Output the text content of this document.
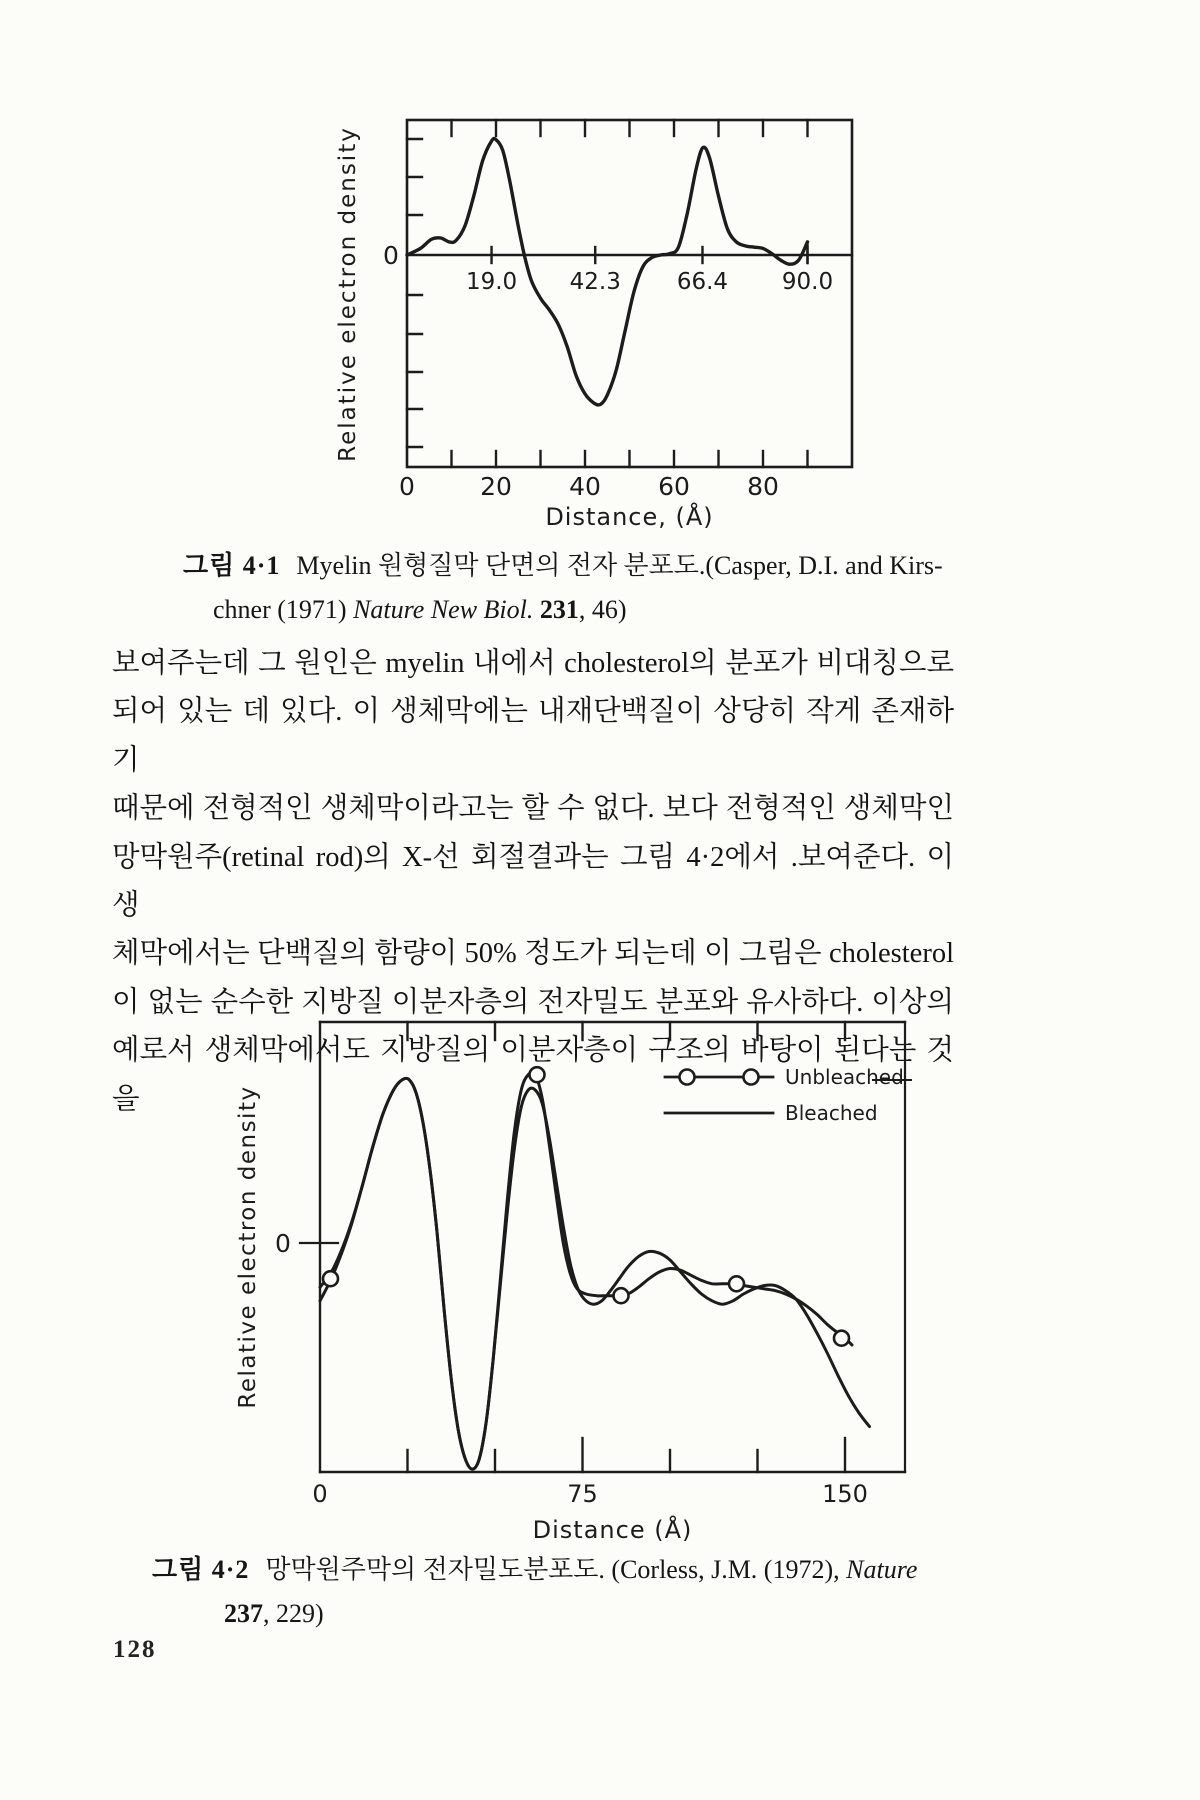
19.0 42.3 66.4 90.0
0	20 40 60 80
Distance, (Å)
Relative electron density 0
그림 4·1 Myelin 원형질막 단면의 전자 분포도.(Casper, D.I. and Kirs-
chner (1971) Nature New Biol. 231, 46)
보여주는데 그 원인은 myelin 내에서 cholesterol의 분포가 비대칭으로
되어 있는 데 있다. 이 생체막에는 내재단백질이 상당히 작게 존재하기
때문에 전형적인 생체막이라고는 할 수 없다. 보다 전형적인 생체막인
망막원주(retinal rod)의 X-선 회절결과는 그림 4·2에서 .보여준다. 이 생
체막에서는 단백질의 함량이 50% 정도가 되는데 이 그림은 cholesterol
이 없는 순수한 지방질 이분자층의 전자밀도 분포와 유사하다. 이상의
예로서 생체막에서도 지방질의 이분자층이 구조의 바탕이 된다는 것을
0
0	75	150
Distance (Å)
Relative electron density
Unbleached
Bleached
그림 4·2 망막원주막의 전자밀도분포도. (Corless, J.M. (1972), Nature
237, 229)
128
